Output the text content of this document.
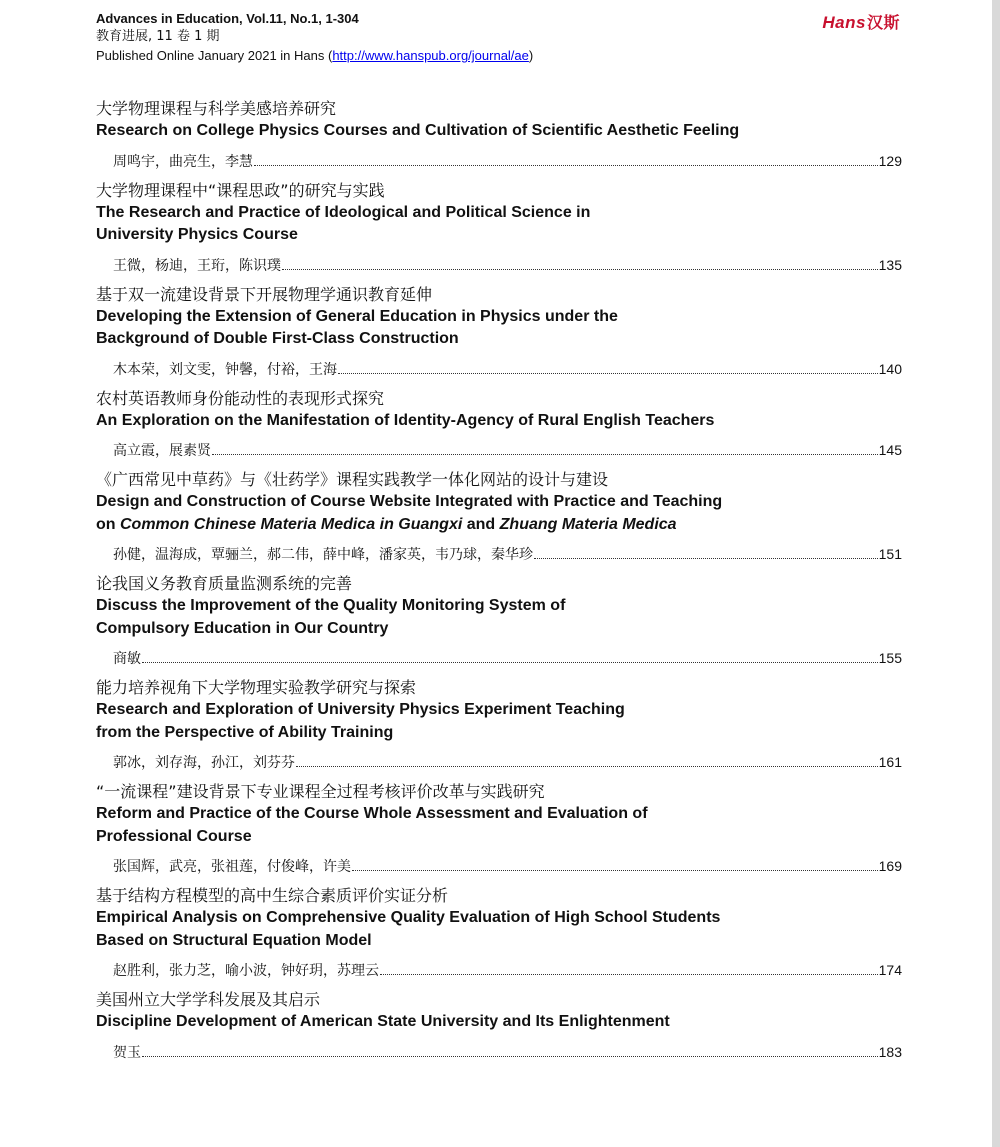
Advances in Education, Vol.11, No.1, 1-304
教育进展, 11 卷 1 期
Published Online January 2021 in Hans (http://www.hanspub.org/journal/ae)
Hans汉斯
大学物理课程与科学美感培养研究
Research on College Physics Courses and Cultivation of Scientific Aesthetic Feeling
周鸣宇，曲亮生，李慧	129
大学物理课程中“课程思政”的研究与实践
The Research and Practice of Ideological and Political Science in
University Physics Course
王微，杨迪，王珩，陈识璞	135
基于双一流建设背景下开展物理学通识教育延伸
Developing the Extension of General Education in Physics under the
Background of Double First-Class Construction
木本荣，刘文雯，钟馨，付裕，王海	140
农村英语教师身份能动性的表现形式探究
An Exploration on the Manifestation of Identity-Agency of Rural English Teachers
高立霞，展素贤	145
《广西常见中草药》与《壮药学》课程实践教学一体化网站的设计与建设
Design and Construction of Course Website Integrated with Practice and Teaching
on Common Chinese Materia Medica in Guangxi and Zhuang Materia Medica
孙健，温海成，覃骊兰，郝二伟，薛中峰，潘家英，韦乃球，秦华珍	151
论我国义务教育质量监测系统的完善
Discuss the Improvement of the Quality Monitoring System of
Compulsory Education in Our Country
商敏	155
能力培养视角下大学物理实验教学研究与探索
Research and Exploration of University Physics Experiment Teaching
from the Perspective of Ability Training
郭冰，刘存海，孙江，刘芬芬	161
“一流课程”建设背景下专业课程全过程考核评价改革与实践研究
Reform and Practice of the Course Whole Assessment and Evaluation of
Professional Course
张国辉，武亮，张祖莲，付俊峰，许美	169
基于结构方程模型的高中生综合素质评价实证分析
Empirical Analysis on Comprehensive Quality Evaluation of High School Students
Based on Structural Equation Model
赵胜利，张力芝，喻小波，钟好玥，苏理云	174
美国州立大学学科发展及其启示
Discipline Development of American State University and Its Enlightenment
贺玉	183
